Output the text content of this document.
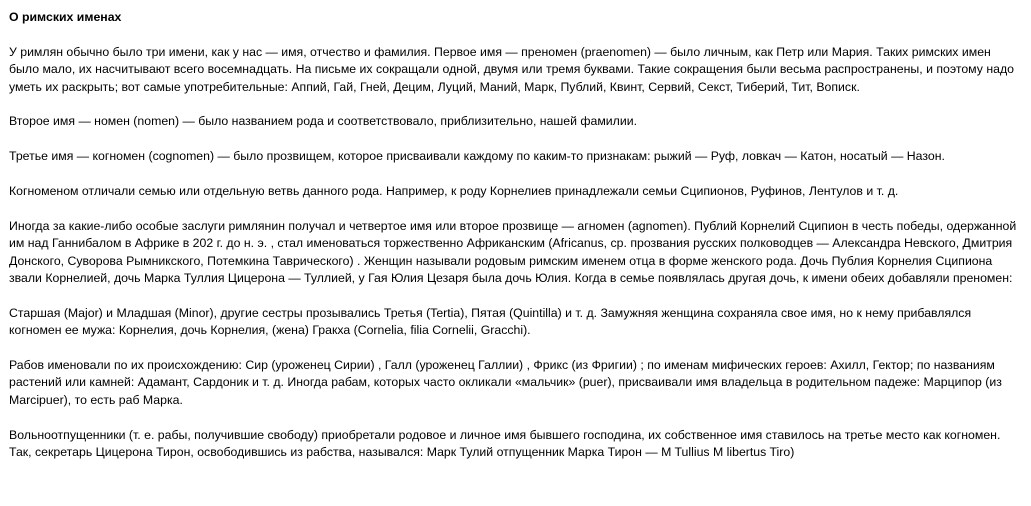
О римских именах

У римлян обычно было три имени, как у нас — имя, отчество и фамилия. Первое имя — преномен (praenomen) — было личным, как Петр или Мария. Таких римских имен было мало, их насчитывают всего восемнадцать. На письме их сокращали одной, двумя или тремя буквами. Такие сокращения были весьма распространены, и поэтому надо уметь их раскрыть; вот самые употребительные: Аппий, Гай, Гней, Децим, Луций, Маний, Марк, Публий, Квинт, Сервий, Секст, Тиберий, Тит, Вописк.

Второе имя — номен (nomen) — было названием рода и соответствовало, приблизительно, нашей фамилии.

Третье имя — когномен (cognomen) — было прозвищем, которое присваивали каждому по каким-то признакам: рыжий — Руф, ловкач — Катон, носатый — Назон.

Когноменом отличали семью или отдельную ветвь данного рода. Например, к роду Корнелиев принадлежали семьи Сципионов, Руфинов, Лентулов и т. д.

Иногда за какие-либо особые заслуги римлянин получал и четвертое имя или второе прозвище — агномен (agnomen). Публий Корнелий Сципион в честь победы, одержанной им над Ганнибалом в Африке в 202 г. до н. э. , стал именоваться торжественно Африканским (Africanus, ср. прозвания русских полководцев — Александра Невского, Дмитрия Донского, Суворова Рымникского, Потемкина Таврического) . Женщин называли родовым римским именем отца в форме женского рода. Дочь Публия Корнелия Сципиона звали Корнелией, дочь Марка Туллия Цицерона — Туллией, у Гая Юлия Цезаря была дочь Юлия. Когда в семье появлялась другая дочь, к имени обеих добавляли преномен:

Старшая (Major) и Младшая (Minor), другие сестры прозывались Третья (Tertia), Пятая (Quintilla) и т. д. Замужняя женщина сохраняла свое имя, но к нему прибавлялся когномен ее мужа: Корнелия, дочь Корнелия, (жена) Гракха (Cornelia, filia Cornelii, Gracchi).

Рабов именовали по их происхождению: Сир (уроженец Сирии) , Галл (уроженец Галлии) , Фрикс (из Фригии) ; по именам мифических героев: Ахилл, Гектор; по названиям растений или камней: Адамант, Сардоник и т. д. Иногда рабам, которых часто окликали «мальчик» (puer), присваивали имя владельца в родительном падеже: Марципор (из Marcipuer), то есть раб Марка.

Вольноотпущенники (т. е. рабы, получившие свободу) приобретали родовое и личное имя бывшего господина, их собственное имя ставилось на третье место как когномен. Так, секретарь Цицерона Тирон, освободившись из рабства, назывался: Марк Тулий отпущенник Марка Тирон — M Tullius M libertus Tiro)
